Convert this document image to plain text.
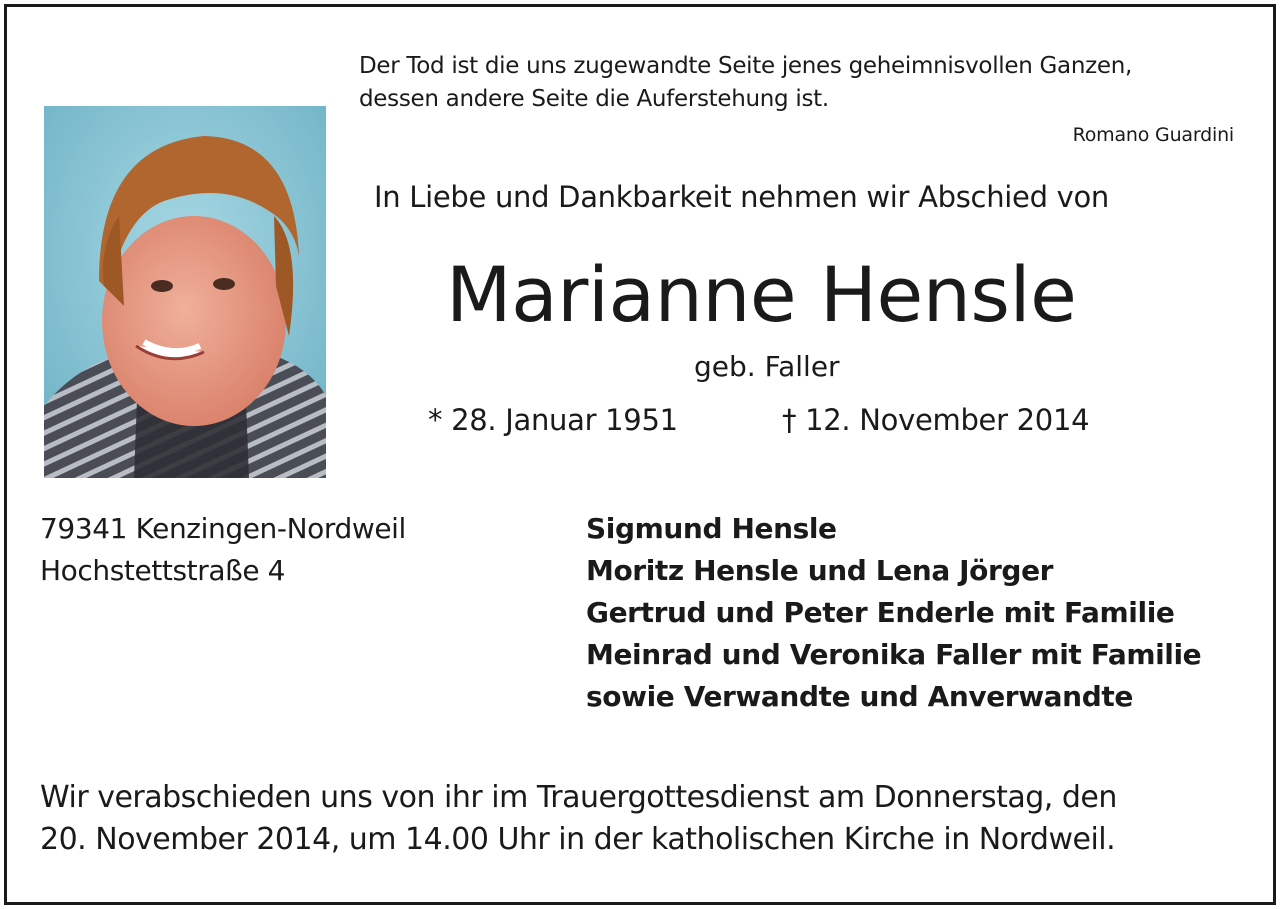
Der Tod ist die uns zugewandte Seite jenes geheimnisvollen Ganzen,
dessen andere Seite die Auferstehung ist.
Romano Guardini
In Liebe und Dankbarkeit nehmen wir Abschied von
Marianne Hensle
geb. Faller
* 28. Januar 1951	† 12. November 2014
79341 Kenzingen-Nordweil
Hochstettstraße 4
Sigmund Hensle
Moritz Hensle und Lena Jörger
Gertrud und Peter Enderle mit Familie
Meinrad und Veronika Faller mit Familie
sowie Verwandte und Anverwandte
Wir verabschieden uns von ihr im Trauergottesdienst am Donnerstag, den
20. November 2014, um 14.00 Uhr in der katholischen Kirche in Nordweil.
